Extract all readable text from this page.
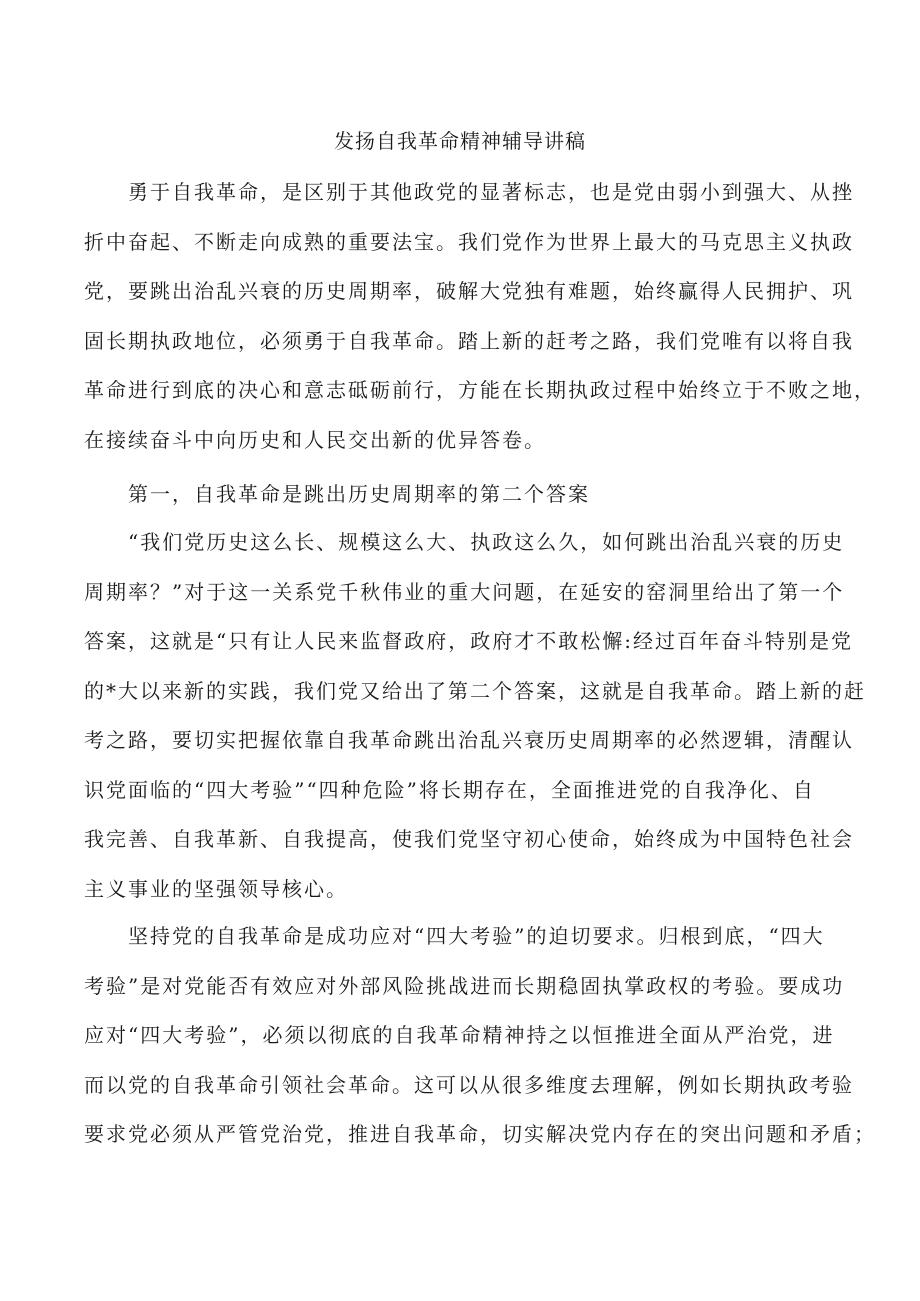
发扬自我革命精神辅导讲稿
　　勇于自我革命，是区别于其他政党的显著标志，也是党由弱小到强大、从挫
折中奋起、不断走向成熟的重要法宝。我们党作为世界上最大的马克思主义执政
党，要跳出治乱兴衰的历史周期率，破解大党独有难题，始终赢得人民拥护、巩
固长期执政地位，必须勇于自我革命。踏上新的赶考之路，我们党唯有以将自我
革命进行到底的决心和意志砥砺前行，方能在长期执政过程中始终立于不败之地，
在接续奋斗中向历史和人民交出新的优异答卷。
　　第一，自我革命是跳出历史周期率的第二个答案
　　“我们党历史这么长、规模这么大、执政这么久，如何跳出治乱兴衰的历史
周期率？”对于这一关系党千秋伟业的重大问题，在延安的窑洞里给出了第一个
答案，这就是“只有让人民来监督政府，政府才不敢松懈:经过百年奋斗特别是党
的*大以来新的实践，我们党又给出了第二个答案，这就是自我革命。踏上新的赶
考之路，要切实把握依靠自我革命跳出治乱兴衰历史周期率的必然逻辑，清醒认
识党面临的“四大考验”“四种危险”将长期存在，全面推进党的自我净化、自
我完善、自我革新、自我提高，使我们党坚守初心使命，始终成为中国特色社会
主义事业的坚强领导核心。
　　坚持党的自我革命是成功应对“四大考验”的迫切要求。归根到底，“四大
考验”是对党能否有效应对外部风险挑战进而长期稳固执掌政权的考验。要成功
应对“四大考验”，必须以彻底的自我革命精神持之以恒推进全面从严治党，进
而以党的自我革命引领社会革命。这可以从很多维度去理解，例如长期执政考验
要求党必须从严管党治党，推进自我革命，切实解决党内存在的突出问题和矛盾；
